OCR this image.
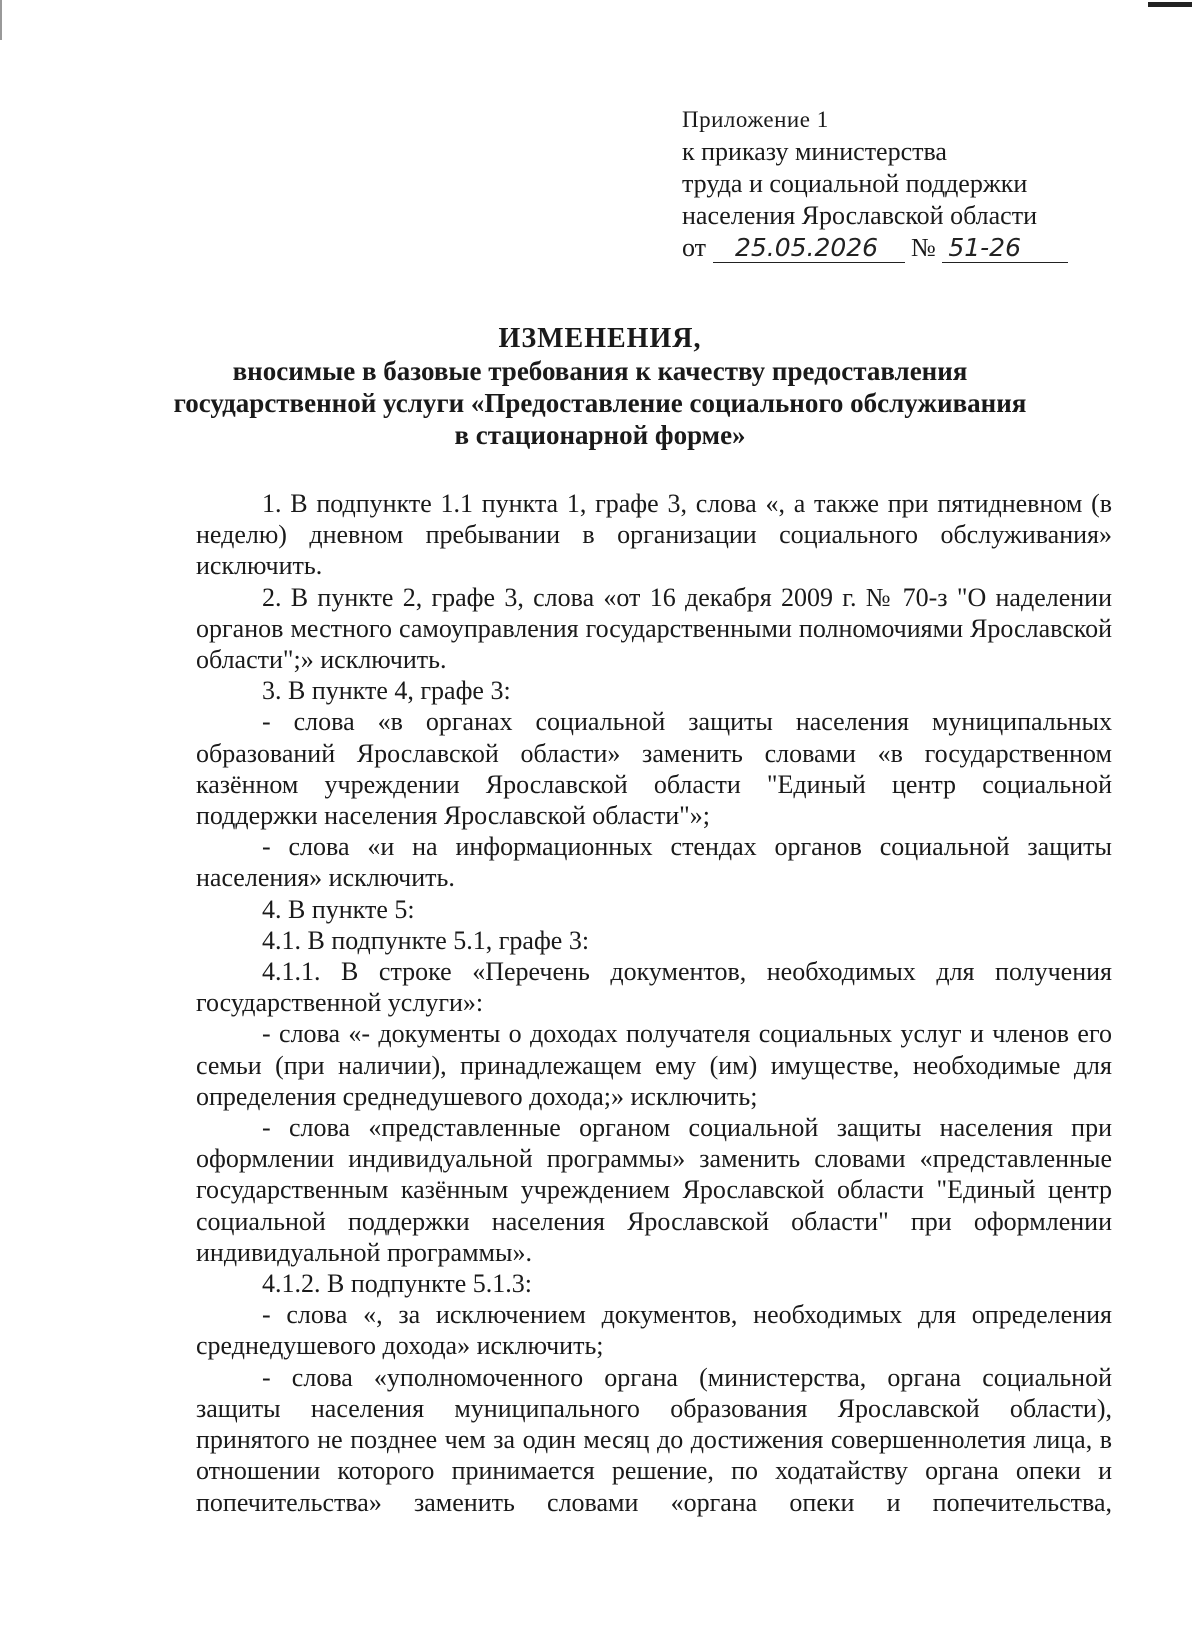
Приложение 1
к приказу министерства
труда и социальной поддержки
населения Ярославской области
от 25.05.2026 № 51-26
ИЗМЕНЕНИЯ,
вносимые в базовые требования к качеству предоставления
государственной услуги «Предоставление социального обслуживания
в стационарной форме»

1. В подпункте 1.1 пункта 1, графе 3, слова «, а также при пятидневном (в неделю) дневном пребывании в организации социального обслуживания» исключить.

2. В пункте 2, графе 3, слова «от 16 декабря 2009 г. № 70-з "О наделении органов местного самоуправления государственными полномочиями Ярославской области";» исключить.

3. В пункте 4, графе 3:

- слова «в органах социальной защиты населения муниципальных образований Ярославской области» заменить словами «в государственном казённом учреждении Ярославской области "Единый центр социальной поддержки населения Ярославской области"»;

- слова «и на информационных стендах органов социальной защиты населения» исключить.

4. В пункте 5:

4.1. В подпункте 5.1, графе 3:

4.1.1. В строке «Перечень документов, необходимых для получения государственной услуги»:

- слова «- документы о доходах получателя социальных услуг и членов его семьи (при наличии), принадлежащем ему (им) имуществе, необходимые для определения среднедушевого дохода;» исключить;

- слова «представленные органом социальной защиты населения при оформлении индивидуальной программы» заменить словами «представленные государственным казённым учреждением Ярославской области "Единый центр социальной поддержки населения Ярославской области" при оформлении индивидуальной программы».

4.1.2. В подпункте 5.1.3:

- слова «, за исключением документов, необходимых для определения среднедушевого дохода» исключить;

- слова «уполномоченного органа (министерства, органа социальной защиты населения муниципального образования Ярославской области), принятого не позднее чем за один месяц до достижения совершеннолетия лица, в отношении которого принимается решение, по ходатайству органа опеки и попечительства» заменить словами «органа опеки и попечительства,
